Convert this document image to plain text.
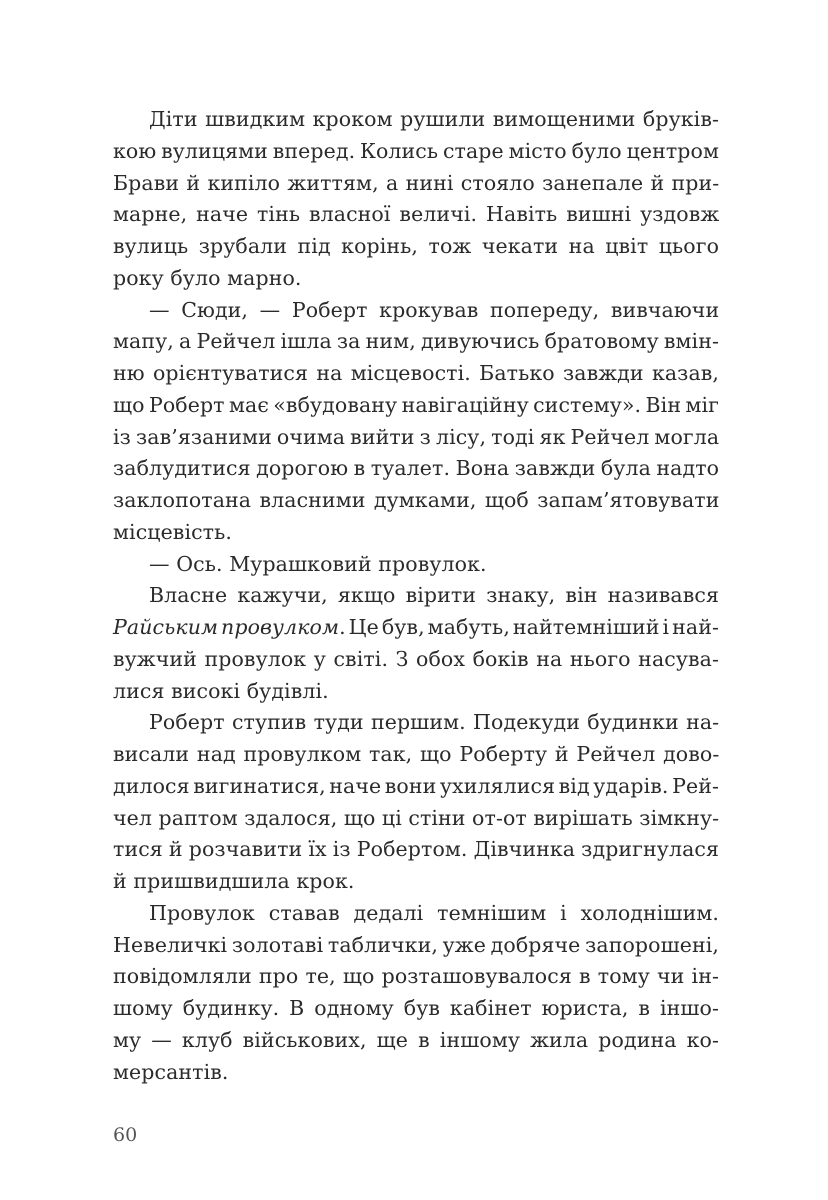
Діти швидким кроком рушили вимощеними бруків-
кою вулицями вперед. Колись старе місто було центром
Брави й кипіло життям, а нині стояло занепале й при-
марне, наче тінь власної величі. Навіть вишні уздовж
вулиць зрубали під корінь, тож чекати на цвіт цього
року було марно.
— Сюди, — Роберт крокував попереду, вивчаючи
мапу, а Рейчел ішла за ним, дивуючись братовому вмін-
ню орієнтуватися на місцевості. Батько завжди казав,
що Роберт має «вбудовану навігаційну систему». Він міг
із зав’язаними очима вийти з лісу, тоді як Рейчел могла
заблудитися дорогою в туалет. Вона завжди була надто
заклопотана власними думками, щоб запам’ятовувати
місцевість.
— Ось. Мурашковий провулок.
Власне кажучи, якщо вірити знаку, він називався
Райським провулком. Це був, мабуть, найтемніший і най-
вужчий провулок у світі. З обох боків на нього насува-
лися високі будівлі.
Роберт ступив туди першим. Подекуди будинки на-
висали над провулком так, що Роберту й Рейчел дово-
дилося вигинатися, наче вони ухилялися від ударів. Рей-
чел раптом здалося, що ці стіни от-от вирішать зімкну-
тися й розчавити їх із Робертом. Дівчинка здригнулася
й пришвидшила крок.
Провулок ставав дедалі темнішим і холоднішим.
Невеличкі золотаві таблички, уже добряче запорошені,
повідомляли про те, що розташовувалося в тому чи ін-
шому будинку. В одному був кабінет юриста, в іншо-
му — клуб військових, ще в іншому жила родина ко-
мерсантів.
60
